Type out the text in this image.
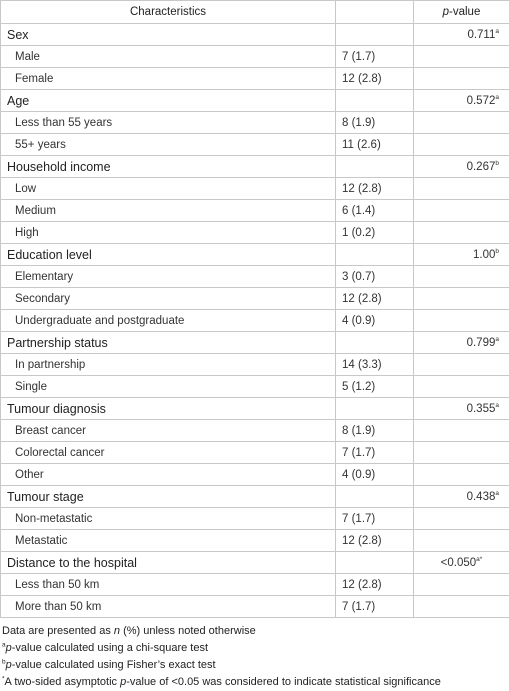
Characteristics		p-value
Sex		0.711$^a$
Male	7 (1.7)	
Female	12 (2.8)	
Age		0.572$^a$
Less than 55 years	8 (1.9)	
55+ years	11 (2.6)	
Household income		0.267$^b$
Low	12 (2.8)	
Medium	6 (1.4)	
High	1 (0.2)	
Education level		1.00$^b$
Elementary	3 (0.7)	
Secondary	12 (2.8)	
Undergraduate and postgraduate	4 (0.9)	
Partnership status		0.799$^a$
In partnership	14 (3.3)	
Single	5 (1.2)	
Tumour diagnosis		0.355$^a$
Breast cancer	8 (1.9)	
Colorectal cancer	7 (1.7)	
Other	4 (0.9)	
Tumour stage		0.438$^a$
Non-metastatic	7 (1.7)	
Metastatic	12 (2.8)	
Distance to the hospital		$<0.050^{a*}$
Less than 50 km	12 (2.8)	
More than 50 km	7 (1.7)	
Data are presented as n (%) unless noted otherwise
$^a$p-value calculated using a chi-square test
$^b$p-value calculated using Fisher’s exact test
*A two-sided asymptotic p-value of <0.05 was considered to indicate statistical significance
